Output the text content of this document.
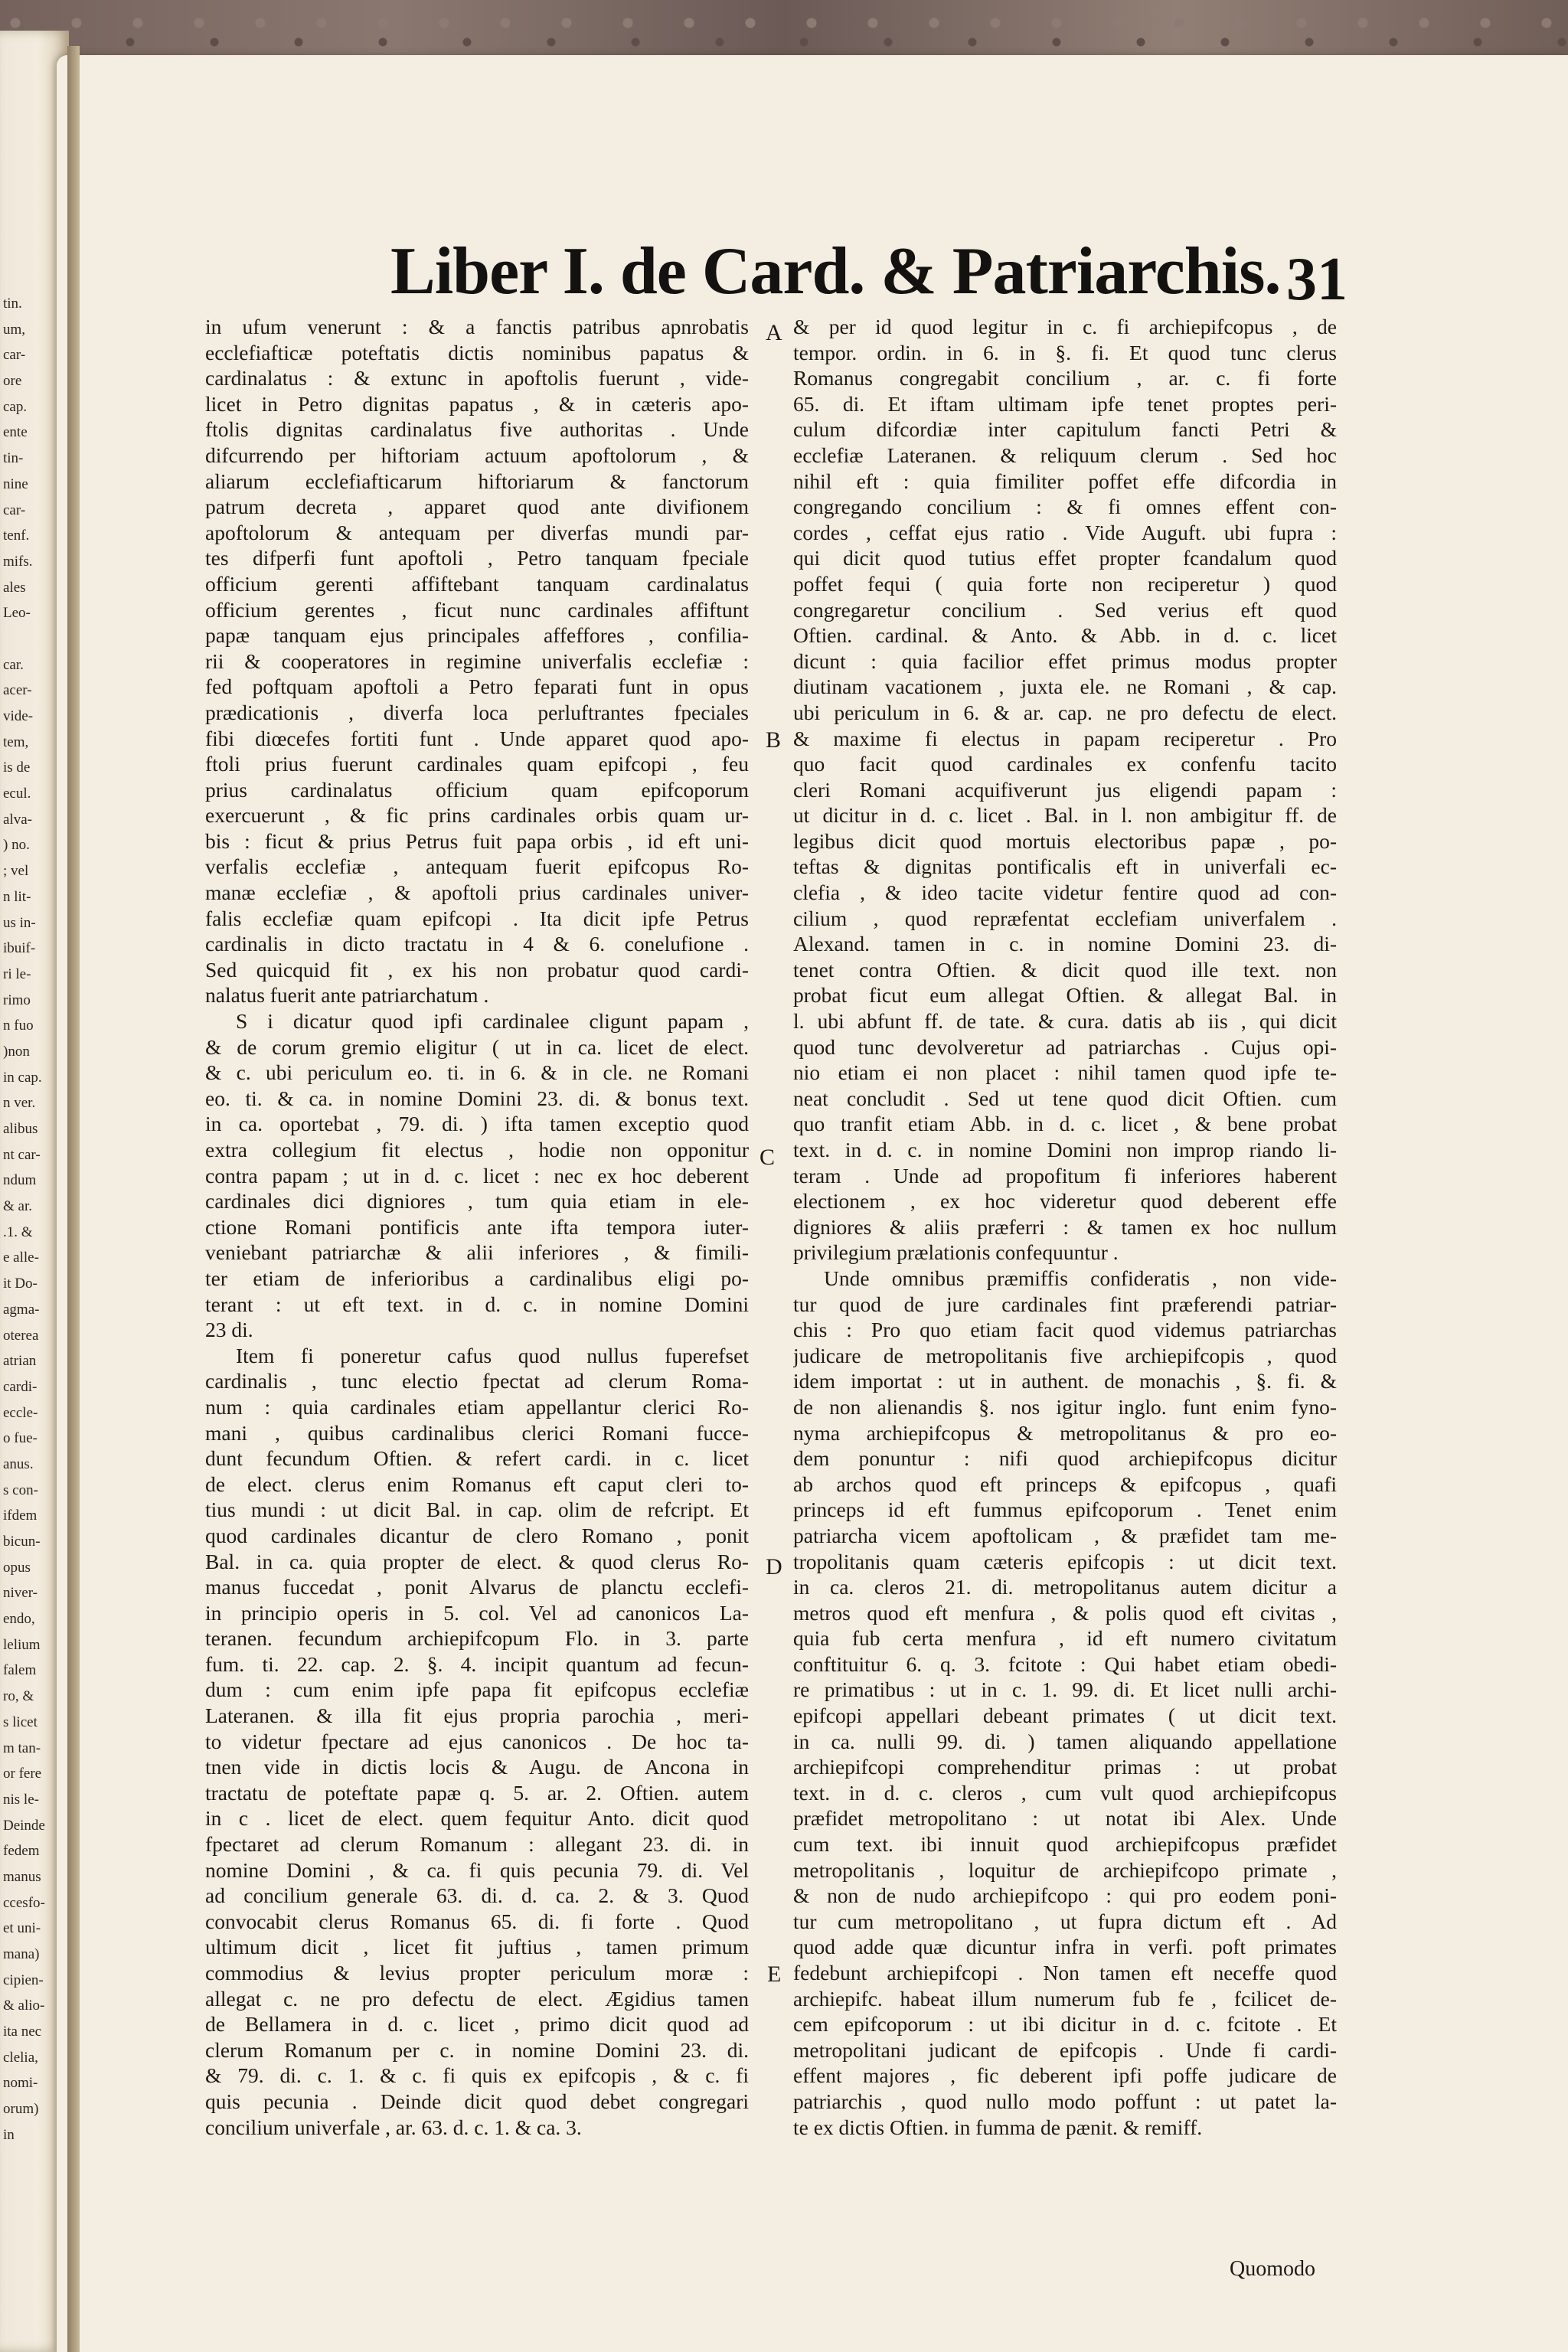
tin.
um,
car-
ore
cap.
ente
tin-
nine
car-
tenf.
mifs.
ales
Leo-
car.
acer-
vide-
tem,
is de
ecul.
alva-
) no.
; vel
n lit-
us in-
ibuif-
ri le-
rimo
n fuo
)non
in cap.
n ver.
alibus
nt car-
ndum
& ar.
.1. &
e alle-
it Do-
agma-
oterea
atrian
cardi-
eccle-
o fue-
anus.
s con-
ifdem
bicun-
opus
niver-
endo,
lelium
falem
ro, &
s licet
m tan-
or fere
nis le-
Deinde
fedem
manus
ccesfo-
et uni-
mana)
cipien-
& alio-
ita nec
clelia,
nomi-
orum)
in
Liber I. de Card. & Patriarchis. 31
in ufum venerunt : & a fanctis patribus apnrobatis
ecclefiafticæ poteftatis dictis nominibus papatus &
cardinalatus : & extunc in apoftolis fuerunt , vide-
licet in Petro dignitas papatus , & in cæteris apo-
ftolis dignitas cardinalatus five authoritas . Unde
difcurrendo per hiftoriam actuum apoftolorum , &
aliarum ecclefiafticarum hiftoriarum & fanctorum
patrum decreta , apparet quod ante divifionem
apoftolorum & antequam per diverfas mundi par-
tes difperfi funt apoftoli , Petro tanquam fpeciale
officium gerenti affiftebant tanquam cardinalatus
officium gerentes , ficut nunc cardinales affiftunt
papæ tanquam ejus principales affeffores , confilia-
rii & cooperatores in regimine univerfalis ecclefiæ :
fed poftquam apoftoli a Petro feparati funt in opus
prædicationis , diverfa loca perluftrantes fpeciales
fibi diœcefes fortiti funt . Unde apparet quod apo-
ftoli prius fuerunt cardinales quam epifcopi , feu
prius cardinalatus officium quam epifcoporum
exercuerunt , & fic prins cardinales orbis quam ur-
bis : ficut & prius Petrus fuit papa orbis , id eft uni-
verfalis ecclefiæ , antequam fuerit epifcopus Ro-
manæ ecclefiæ , & apoftoli prius cardinales univer-
falis ecclefiæ quam epifcopi . Ita dicit ipfe Petrus
cardinalis in dicto tractatu in 4 & 6. conelufione .
Sed quicquid fit , ex his non probatur quod cardi-
nalatus fuerit ante patriarchatum .
S i dicatur quod ipfi cardinalee cligunt papam ,
& de corum gremio eligitur ( ut in ca. licet de elect.
& c. ubi periculum eo. ti. in 6. & in cle. ne Romani
eo. ti. & ca. in nomine Domini 23. di. & bonus text.
in ca. oportebat , 79. di. ) ifta tamen exceptio quod
extra collegium fit electus , hodie non opponitur
contra papam ; ut in d. c. licet : nec ex hoc deberent
cardinales dici digniores , tum quia etiam in ele-
ctione Romani pontificis ante ifta tempora iuter-
veniebant patriarchæ & alii inferiores , & fimili-
ter etiam de inferioribus a cardinalibus eligi po-
terant : ut eft text. in d. c. in nomine Domini
23 di.
Item fi poneretur cafus quod nullus fuperefset
cardinalis , tunc electio fpectat ad clerum Roma-
num : quia cardinales etiam appellantur clerici Ro-
mani , quibus cardinalibus clerici Romani fucce-
dunt fecundum Oftien. & refert cardi. in c. licet
de elect. clerus enim Romanus eft caput cleri to-
tius mundi : ut dicit Bal. in cap. olim de refcript. Et
quod cardinales dicantur de clero Romano , ponit
Bal. in ca. quia propter de elect. & quod clerus Ro-
manus fuccedat , ponit Alvarus de planctu ecclefi-
in principio operis in 5. col. Vel ad canonicos La-
teranen. fecundum archiepifcopum Flo. in 3. parte
fum. ti. 22. cap. 2. §. 4. incipit quantum ad fecun-
dum : cum enim ipfe papa fit epifcopus ecclefiæ
Lateranen. & illa fit ejus propria parochia , meri-
to videtur fpectare ad ejus canonicos . De hoc ta-
tnen vide in dictis locis & Augu. de Ancona in
tractatu de poteftate papæ q. 5. ar. 2. Oftien. autem
in c . licet de elect. quem fequitur Anto. dicit quod
fpectaret ad clerum Romanum : allegant 23. di. in
nomine Domini , & ca. fi quis pecunia 79. di. Vel
ad concilium generale 63. di. d. ca. 2. & 3. Quod
convocabit clerus Romanus 65. di. fi forte . Quod
ultimum dicit , licet fit juftius , tamen primum
commodius & levius propter periculum moræ :
allegat c. ne pro defectu de elect. Ægidius tamen
de Bellamera in d. c. licet , primo dicit quod ad
clerum Romanum per c. in nomine Domini 23. di.
& 79. di. c. 1. & c. fi quis ex epifcopis , & c. fi
quis pecunia . Deinde dicit quod debet congregari
concilium univerfale , ar. 63. d. c. 1. & ca. 3.
& per id quod legitur in c. fi archiepifcopus , de
tempor. ordin. in 6. in §. fi. Et quod tunc clerus
Romanus congregabit concilium , ar. c. fi forte
65. di. Et iftam ultimam ipfe tenet proptes peri-
culum difcordiæ inter capitulum fancti Petri &
ecclefiæ Lateranen. & reliquum clerum . Sed hoc
nihil eft : quia fimiliter poffet effe difcordia in
congregando concilium : & fi omnes effent con-
cordes , ceffat ejus ratio . Vide Auguft. ubi fupra :
qui dicit quod tutius effet propter fcandalum quod
poffet fequi ( quia forte non reciperetur ) quod
congregaretur concilium . Sed verius eft quod
Oftien. cardinal. & Anto. & Abb. in d. c. licet
dicunt : quia facilior effet primus modus propter
diutinam vacationem , juxta ele. ne Romani , & cap.
ubi periculum in 6. & ar. cap. ne pro defectu de elect.
& maxime fi electus in papam reciperetur . Pro
quo facit quod cardinales ex confenfu tacito
cleri Romani acquifiverunt jus eligendi papam :
ut dicitur in d. c. licet . Bal. in l. non ambigitur ff. de
legibus dicit quod mortuis electoribus papæ , po-
teftas & dignitas pontificalis eft in univerfali ec-
clefia , & ideo tacite videtur fentire quod ad con-
cilium , quod repræfentat ecclefiam univerfalem .
Alexand. tamen in c. in nomine Domini 23. di-
tenet contra Oftien. & dicit quod ille text. non
probat ficut eum allegat Oftien. & allegat Bal. in
l. ubi abfunt ff. de tate. & cura. datis ab iis , qui dicit
quod tunc devolveretur ad patriarchas . Cujus opi-
nio etiam ei non placet : nihil tamen quod ipfe te-
neat concludit . Sed ut tene quod dicit Oftien. cum
quo tranfit etiam Abb. in d. c. licet , & bene probat
text. in d. c. in nomine Domini non improp riando li-
teram . Unde ad propofitum fi inferiores haberent
electionem , ex hoc videretur quod deberent effe
digniores & aliis præferri : & tamen ex hoc nullum
privilegium prælationis confequuntur .
Unde omnibus præmiffis confideratis , non vide-
tur quod de jure cardinales fint præferendi patriar-
chis : Pro quo etiam facit quod videmus patriarchas
judicare de metropolitanis five archiepifcopis , quod
idem importat : ut in authent. de monachis , §. fi. &
de non alienandis §. nos igitur inglo. funt enim fyno-
nyma archiepifcopus & metropolitanus & pro eo-
dem ponuntur : nifi quod archiepifcopus dicitur
ab archos quod eft princeps & epifcopus , quafi
princeps id eft fummus epifcoporum . Tenet enim
patriarcha vicem apoftolicam , & præfidet tam me-
tropolitanis quam cæteris epifcopis : ut dicit text.
in ca. cleros 21. di. metropolitanus autem dicitur a
metros quod eft menfura , & polis quod eft civitas ,
quia fub certa menfura , id eft numero civitatum
conftituitur 6. q. 3. fcitote : Qui habet etiam obedi-
re primatibus : ut in c. 1. 99. di. Et licet nulli archi-
epifcopi appellari debeant primates ( ut dicit text.
in ca. nulli 99. di. ) tamen aliquando appellatione
archiepifcopi comprehenditur primas : ut probat
text. in d. c. cleros , cum vult quod archiepifcopus
præfidet metropolitano : ut notat ibi Alex. Unde
cum text. ibi innuit quod archiepifcopus præfidet
metropolitanis , loquitur de archiepifcopo primate ,
& non de nudo archiepifcopo : qui pro eodem poni-
tur cum metropolitano , ut fupra dictum eft . Ad
quod adde quæ dicuntur infra in verfi. poft primates
fedebunt archiepifcopi . Non tamen eft neceffe quod
archiepifc. habeat illum numerum fub fe , fcilicet de-
cem epifcoporum : ut ibi dicitur in d. c. fcitote . Et
metropolitani judicant de epifcopis . Unde fi cardi-
effent majores , fic deberent ipfi poffe judicare de
patriarchis , quod nullo modo poffunt : ut patet la-
te ex dictis Oftien. in fumma de pænit. & remiff.
A
B
C
D
E
Quomodo
